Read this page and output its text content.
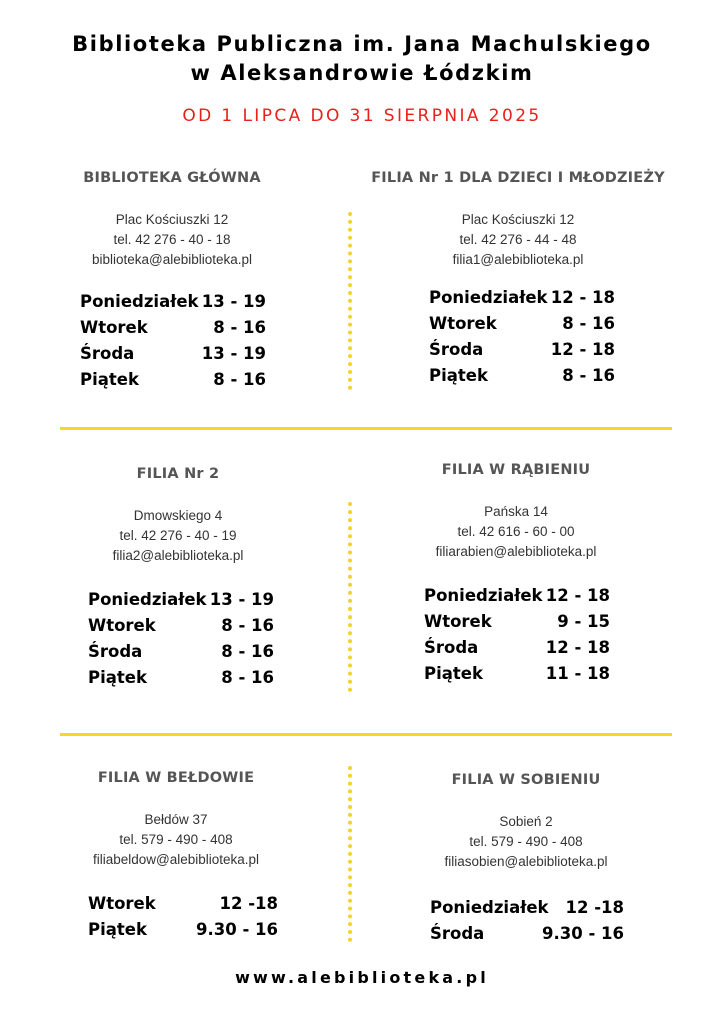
Biblioteka Publiczna im. Jana Machulskiego
w Aleksandrowie Łódzkim
OD 1 LIPCA DO 31 SIERPNIA 2025
BIBLIOTEKA GŁÓWNA
Plac Kościuszki 12
tel. 42 276 - 40 - 18
biblioteka@alebiblioteka.pl
Poniedziałek 13 - 19
Wtorek	8 - 16
Środa	13 - 19
Piątek	8 - 16
FILIA Nr 1 DLA DZIECI I MŁODZIEŻY
Plac Kościuszki 12
tel. 42 276 - 44 - 48
filia1@alebiblioteka.pl
Poniedziałek 12 - 18
Wtorek	8 - 16
Środa	12 - 18
Piątek	8 - 16
FILIA Nr 2
Dmowskiego 4
tel. 42 276 - 40 - 19
filia2@alebiblioteka.pl
Poniedziałek 13 - 19
Wtorek	8 - 16
Środa	8 - 16
Piątek	8 - 16
FILIA W RĄBIENIU
Pańska 14
tel. 42 616 - 60 - 00
filiarabien@alebiblioteka.pl
Poniedziałek 12 - 18
Wtorek	9 - 15
Środa	12 - 18
Piątek	11 - 18
FILIA W BEŁDOWIE
Bełdów 37
tel. 579 - 490 - 408
filiabeldow@alebiblioteka.pl
Wtorek	12 -18
Piątek	9.30 - 16
FILIA W SOBIENIU
Sobień 2
tel. 579 - 490 - 408
filiasobien@alebiblioteka.pl
Poniedziałek 12 -18
Środa	9.30 - 16
www.alebiblioteka.pl
